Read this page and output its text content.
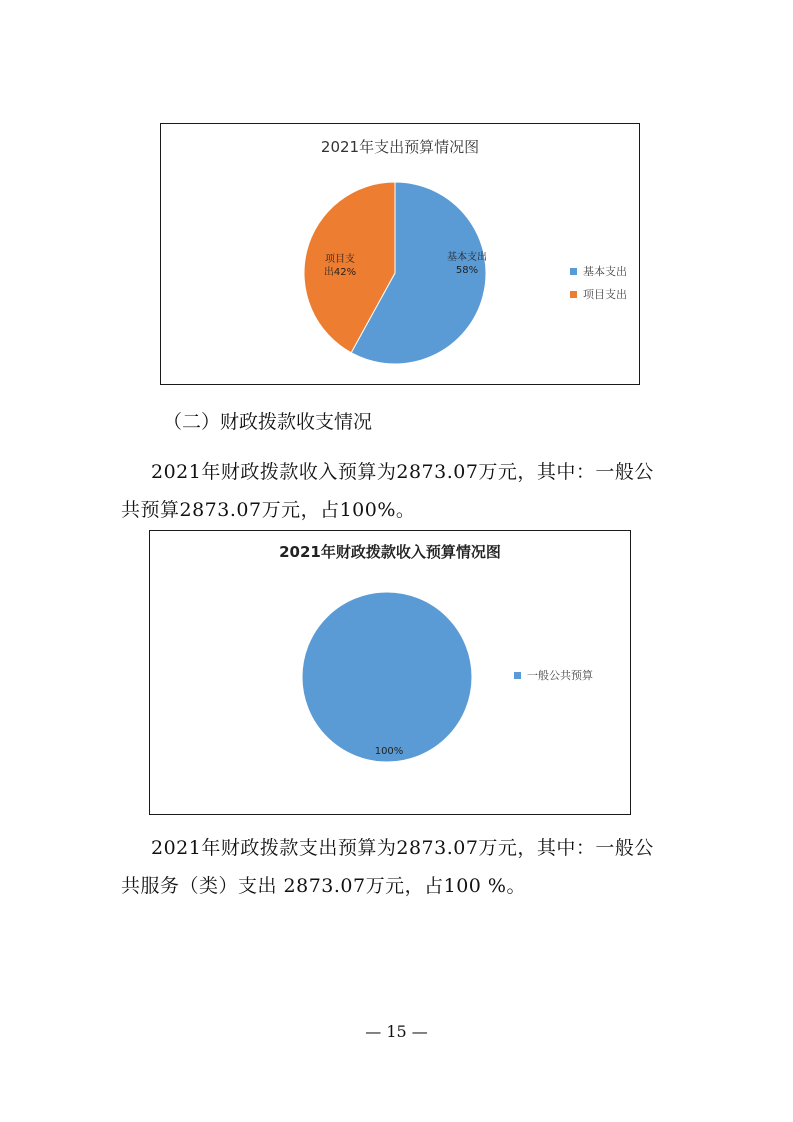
2021年支出预算情况图
基本支出 58%
项目支出42%	基本支出
项目支出
（二）财政拨款收支情况
2021年财政拨款收入预算为2873.07万元，其中：一般公
共预算2873.07万元，占100%。
2021年财政拨款收入预算情况图
100%
一般公共预算
2021年财政拨款支出预算为2873.07万元，其中：一般公
共服务（类）支出 2873.07万元，占100 %。
— 15 —
